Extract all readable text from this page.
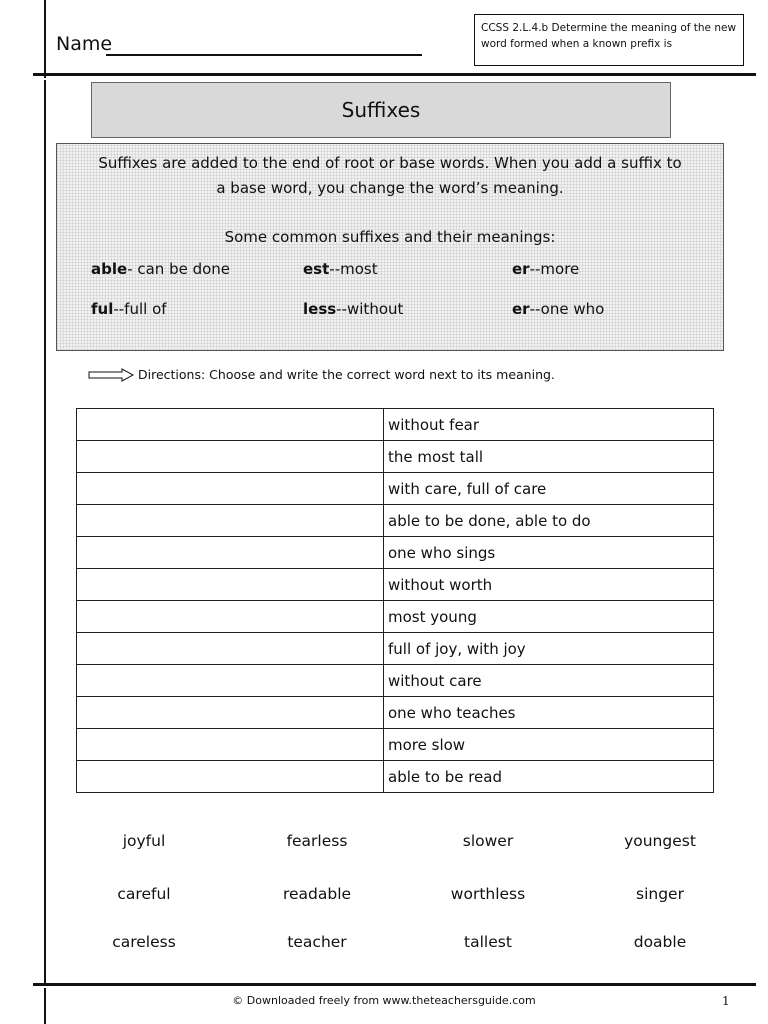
Name
CCSS 2.L.4.b Determine the meaning of the new word formed when a known prefix is
Suffixes
Suffixes are added to the end of root or base words. When you add a suffix to
a base word, you change the word’s meaning.
Some common suffixes and their meanings:
able- can be done	est--most	er--more
ful--full of	less--without	er--one who
Directions: Choose and write the correct word next to its meaning.
	without fear
	the most tall
	with care, full of care
	able to be done, able to do
	one who sings
	without worth
	most young
	full of joy, with joy
	without care
	one who teaches
	more slow
	able to be read
joyful	fearless	slower	youngest
careful	readable	worthless	singer
careless	teacher	tallest	doable
© Downloaded freely from www.theteachersguide.com	1
